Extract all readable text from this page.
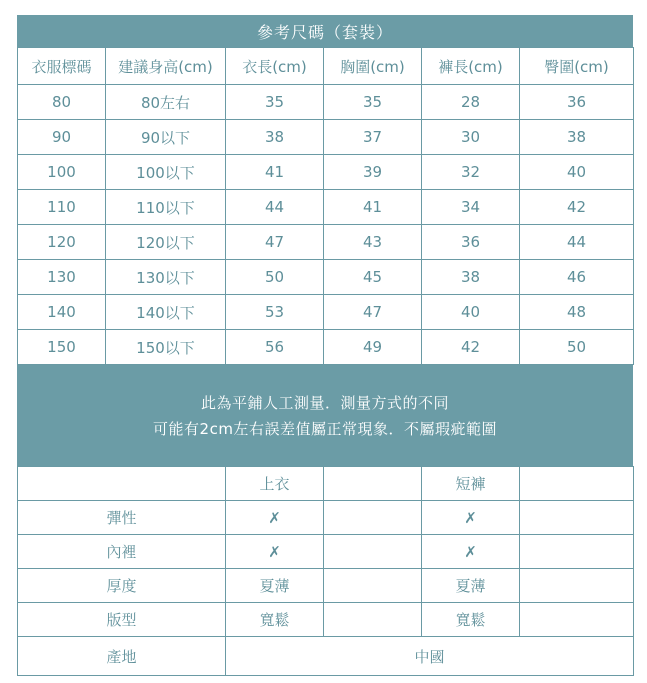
參考尺碼（套裝）
衣服標碼	建議身高(cm)	衣長(cm)	胸圍(cm)	褲長(cm)	臀圍(cm)
80	80左右	35	35	28	36
90	90以下	38	37	30	38
100	100以下	41	39	32	40
110	110以下	44	41	34	42
120	120以下	47	43	36	44
130	130以下	50	45	38	46
140	140以下	53	47	40	48
150	150以下	56	49	42	50
此為平鋪人工測量．測量方式的不同
可能有2cm左右誤差值屬正常現象．不屬瑕疵範圍
	上衣		短褲	
彈性	✗		✗	
內裡	✗		✗	
厚度	夏薄		夏薄	
版型	寬鬆		寬鬆	
產地	中國			
